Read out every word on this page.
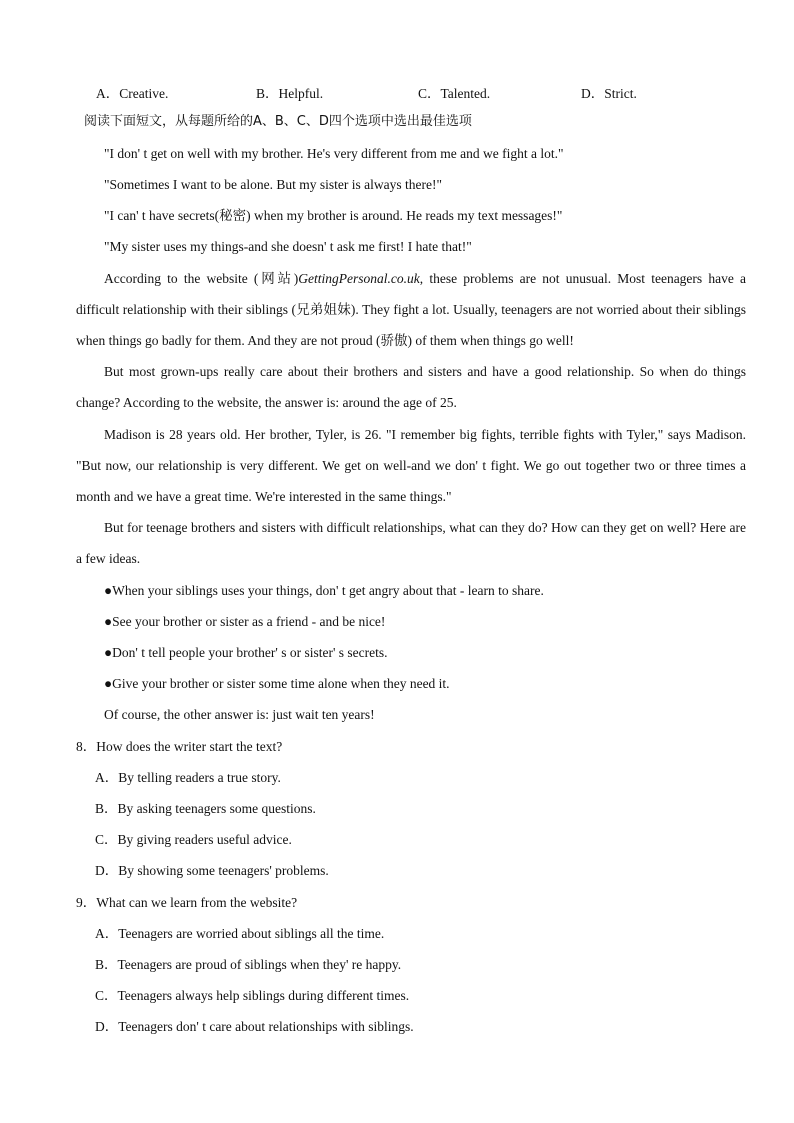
A．Creative.	B．Helpful.	C．Talented.	D．Strict.
阅读下面短文，从每题所给的A、B、C、D四个选项中选出最佳选项
"I don' t get on well with my brother. He's very different from me and we fight a lot."
"Sometimes I want to be alone. But my sister is always there!"
"I can' t have secrets(秘密) when my brother is around. He reads my text messages!"
"My sister uses my things-and she doesn' t ask me first! I hate that!"
According to the website (网站)GettingPersonal.co.uk, these problems are not unusual. Most teenagers have a difficult relationship with their siblings (兄弟姐妹). They fight a lot. Usually, teenagers are not worried about their siblings when things go badly for them. And they are not proud (骄傲) of them when things go well!
But most grown-ups really care about their brothers and sisters and have a good relationship. So when do things change? According to the website, the answer is: around the age of 25.
Madison is 28 years old. Her brother, Tyler, is 26. "I remember big fights, terrible fights with Tyler," says Madison. "But now, our relationship is very different. We get on well-and we don' t fight. We go out together two or three times a month and we have a great time. We're interested in the same things."
But for teenage brothers and sisters with difficult relationships, what can they do? How can they get on well? Here are a few ideas.
●When your siblings uses your things, don' t get angry about that - learn to share.
●See your brother or sister as a friend - and be nice!
●Don' t tell people your brother' s or sister' s secrets.
●Give your brother or sister some time alone when they need it.
Of course, the other answer is: just wait ten years!
8．How does the writer start the text?
A．By telling readers a true story.
B．By asking teenagers some questions.
C．By giving readers useful advice.
D．By showing some teenagers' problems.
9．What can we learn from the website?
A．Teenagers are worried about siblings all the time.
B．Teenagers are proud of siblings when they' re happy.
C．Teenagers always help siblings during different times.
D．Teenagers don' t care about relationships with siblings.
